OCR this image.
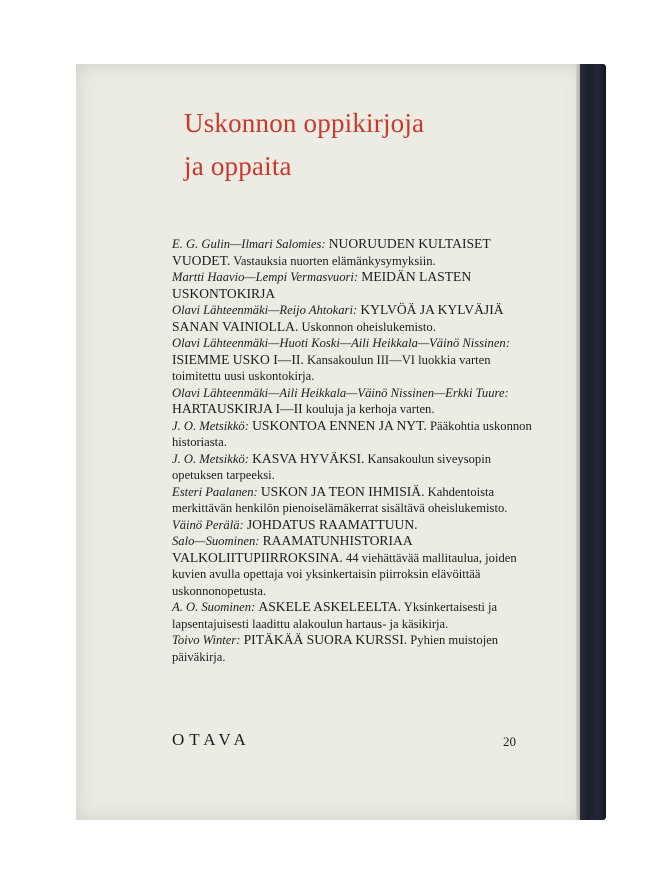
Uskonnon oppikirjoja
ja oppaita

E. G. Gulin—Ilmari Salomies: NUORUUDEN KULTAISET VUODET. Vastauksia nuorten elämänkysymyksiin.

Martti Haavio—Lempi Vermasvuori: MEIDÄN LASTEN USKONTOKIRJA

Olavi Lähteenmäki—Reijo Ahtokari: KYLVÖÄ JA KYLVÄJIÄ SANAN VAINIOLLA. Uskonnon oheislukemisto.

Olavi Lähteenmäki—Huoti Koski—Aili Heikkala—Väinö Nissinen: ISIEMME USKO I—II. Kansakoulun III—VI luokkia varten toimitettu uusi uskontokirja.

Olavi Lähteenmäki—Aili Heikkala—Väinö Nissinen—Erkki Tuure: HARTAUSKIRJA I—II kouluja ja kerhoja varten.

J. O. Metsikkö: USKONTOA ENNEN JA NYT. Pääkohtia uskonnon historiasta.

J. O. Metsikkö: KASVA HYVÄKSI. Kansakoulun siveysopin opetuksen tarpeeksi.

Esteri Paalanen: USKON JA TEON IHMISIÄ. Kahdentoista merkittävän henkilön pienoiselämäkerrat sisältävä oheislukemisto.

Väinö Perälä: JOHDATUS RAAMATTUUN.

Salo—Suominen: RAAMATUNHISTORIAA VALKOLIITUPIIRROKSINA. 44 viehättävää mallitaulua, joiden kuvien avulla opettaja voi yksinkertaisin piirroksin elävöittää uskonnonopetusta.

A. O. Suominen: ASKELE ASKELEELTA. Yksinkertaisesti ja lapsentajuisesti laadittu alakoulun hartaus- ja käsikirja.

Toivo Winter: PITÄKÄÄ SUORA KURSSI. Pyhien muistojen päiväkirja.

OTAVA	20
